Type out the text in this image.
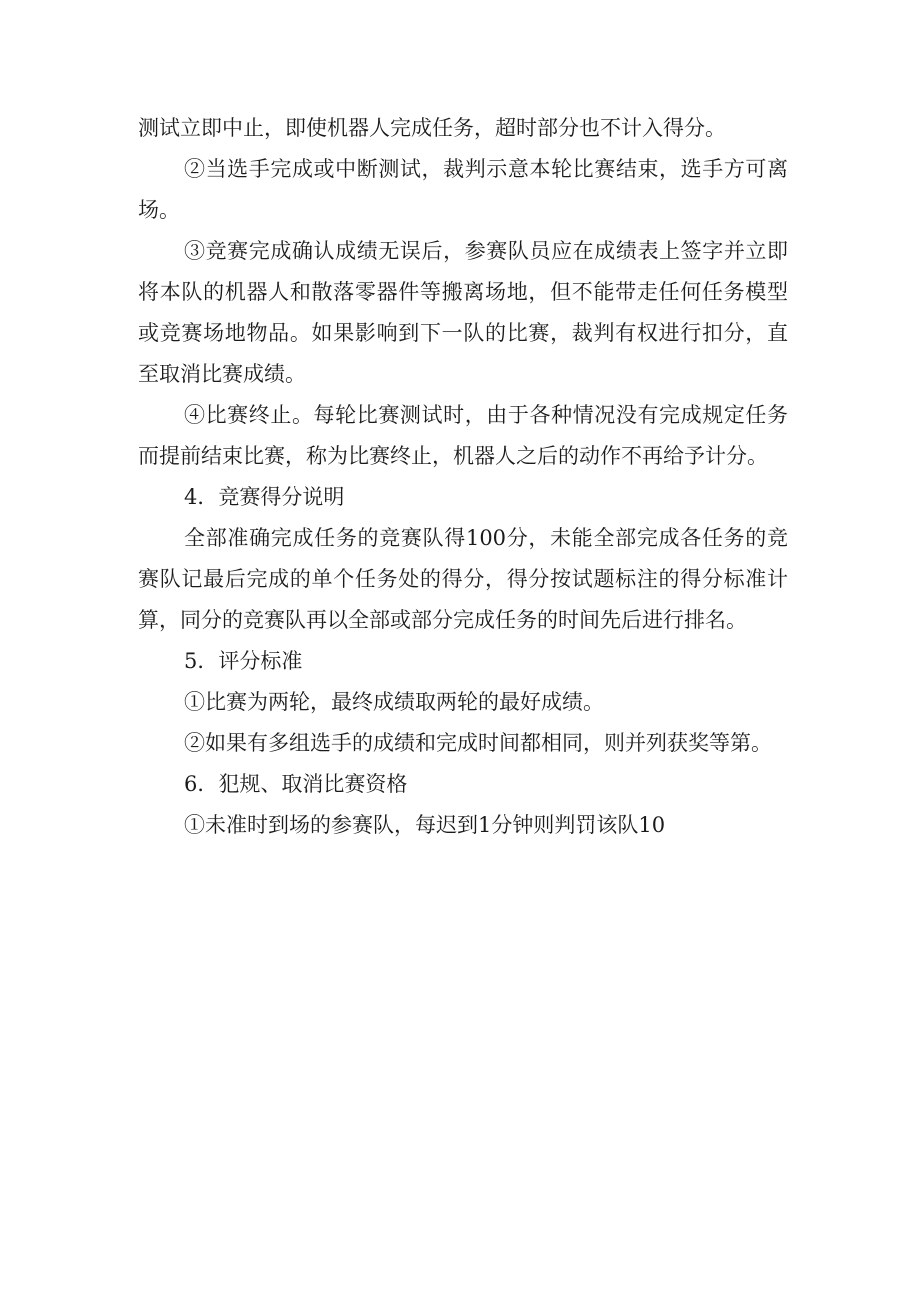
测试立即中止，即使机器人完成任务，超时部分也不计入得分。

②当选手完成或中断测试，裁判示意本轮比赛结束，选手方可离场。

③竞赛完成确认成绩无误后，参赛队员应在成绩表上签字并立即将本队的机器人和散落零器件等搬离场地，但不能带走任何任务模型或竞赛场地物品。如果影响到下一队的比赛，裁判有权进行扣分，直至取消比赛成绩。

④比赛终止。每轮比赛测试时，由于各种情况没有完成规定任务而提前结束比赛，称为比赛终止，机器人之后的动作不再给予计分。

4．竞赛得分说明

全部准确完成任务的竞赛队得100分，未能全部完成各任务的竞赛队记最后完成的单个任务处的得分，得分按试题标注的得分标准计算，同分的竞赛队再以全部或部分完成任务的时间先后进行排名。

5．评分标准

①比赛为两轮，最终成绩取两轮的最好成绩。

②如果有多组选手的成绩和完成时间都相同，则并列获奖等第。

6．犯规、取消比赛资格

①未准时到场的参赛队，每迟到1分钟则判罚该队10
